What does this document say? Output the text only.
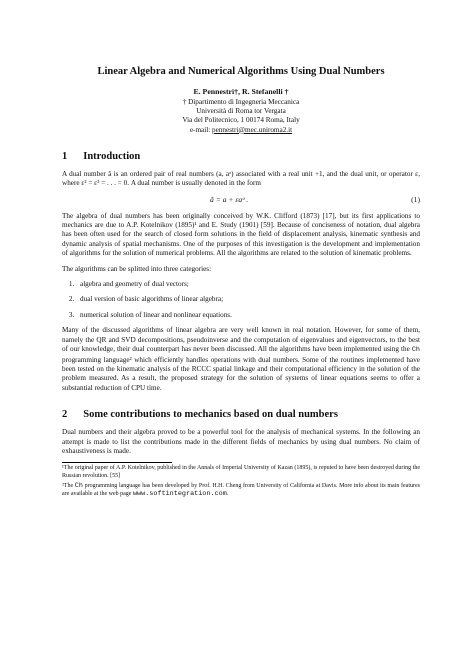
Linear Algebra and Numerical Algorithms Using Dual Numbers
E. Pennestrì†, R. Stefanelli †
† Dipartimento di Ingegneria Meccanica
Università di Roma tor Vergata
Via del Politecnico, 1 00174 Roma, Italy
e-mail: pennestri@mec.uniroma2.it
1 Introduction

A dual number â is an ordered pair of real numbers (a, aᵒ) associated with a real unit +1, and the dual unit, or operator ε, where ε² = ε³ = . . . = 0. A dual number is usually denoted in the form

â = a + εaᵒ .	(1)

The algebra of dual numbers has been originally conceived by W.K. Clifford (1873) [17], but its first applications to mechanics are due to A.P. Kotelnikov (1895)¹ and E. Study (1901) [59]. Because of conciseness of notation, dual algebra has been often used for the search of closed form solutions in the field of displacement analysis, kinematic synthesis and dynamic analysis of spatial mechanisms. One of the purposes of this investigation is the development and implementation of algorithms for the solution of numerical problems. All the algorithms are related to the solution of kinematic problems.

The algorithms can be splitted into three categories:

1. algebra and geometry of dual vectors;
2. dual version of basic algorithms of linear algebra;
3. numerical solution of linear and nonlinear equations.

Many of the discussed algorithms of linear algebra are very well known in real notation. However, for some of them, namely the QR and SVD decompositions, pseudoinverse and the computation of eigenvalues and eigenvectors, to the best of our knowledge, their dual counterpart has never been discussed. All the algorithms have been implemented using the Ch programming language² which efficiently handles operations with dual numbers. Some of the routines implemented have been tested on the kinematic analysis of the RCCC spatial linkage and their computational efficiency in the solution of the problem measured. As a result, the proposed strategy for the solution of systems of linear equations seems to offer a substantial reduction of CPU time.

2 Some contributions to mechanics based on dual numbers

Dual numbers and their algebra proved to be a powerful tool for the analysis of mechanical systems. In the following an attempt is made to list the contributions made in the different fields of mechanics by using dual numbers. No claim of exhaustiveness is made.

¹The original paper of A.P. Kotelnikov, published in the Annals of Imperial University of Kazan (1895), is reputed to have been destroyed during the Russian revolution. [55]
²The Ch programming language has been developed by Prof. H.H. Cheng from University of California at Davis. More info about its main features are available at the web page www.softintegration.com.
